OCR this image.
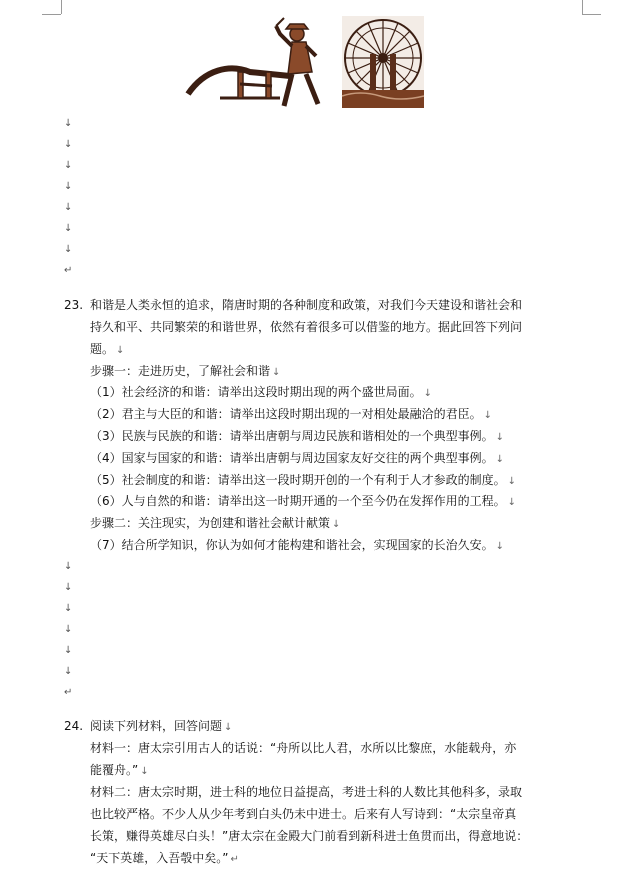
↓
↓
↓
↓
↓
↓
↓
↵
23. 和谐是人类永恒的追求，隋唐时期的各种制度和政策，对我们今天建设和谐社会和
持久和平、共同繁荣的和谐世界，依然有着很多可以借鉴的地方。据此回答下列问
题。 ↓
步骤一：走进历史，了解社会和谐 ↓
（1）社会经济的和谐：请举出这段时期出现的两个盛世局面。 ↓
（2）君主与大臣的和谐：请举出这段时期出现的一对相处最融洽的君臣。 ↓
（3）民族与民族的和谐：请举出唐朝与周边民族和谐相处的一个典型事例。 ↓
（4）国家与国家的和谐：请举出唐朝与周边国家友好交往的两个典型事例。 ↓
（5）社会制度的和谐：请举出这一段时期开创的一个有利于人才参政的制度。 ↓
（6）人与自然的和谐：请举出这一时期开通的一个至今仍在发挥作用的工程。 ↓
步骤二：关注现实，为创建和谐社会献计献策 ↓
（7）结合所学知识，你认为如何才能构建和谐社会，实现国家的长治久安。 ↓
↓
↓
↓
↓
↓
↓
↵
24. 阅读下列材料，回答问题 ↓
材料一：唐太宗引用古人的话说：“舟所以比人君，水所以比黎庶，水能载舟，亦
能覆舟。” ↓
材料二：唐太宗时期，进士科的地位日益提高，考进士科的人数比其他科多，录取
也比较严格。不少人从少年考到白头仍未中进士。后来有人写诗到：“太宗皇帝真
长策，赚得英雄尽白头！”唐太宗在金殿大门前看到新科进士鱼贯而出，得意地说：
“天下英雄，入吾彀中矣。” ↵
